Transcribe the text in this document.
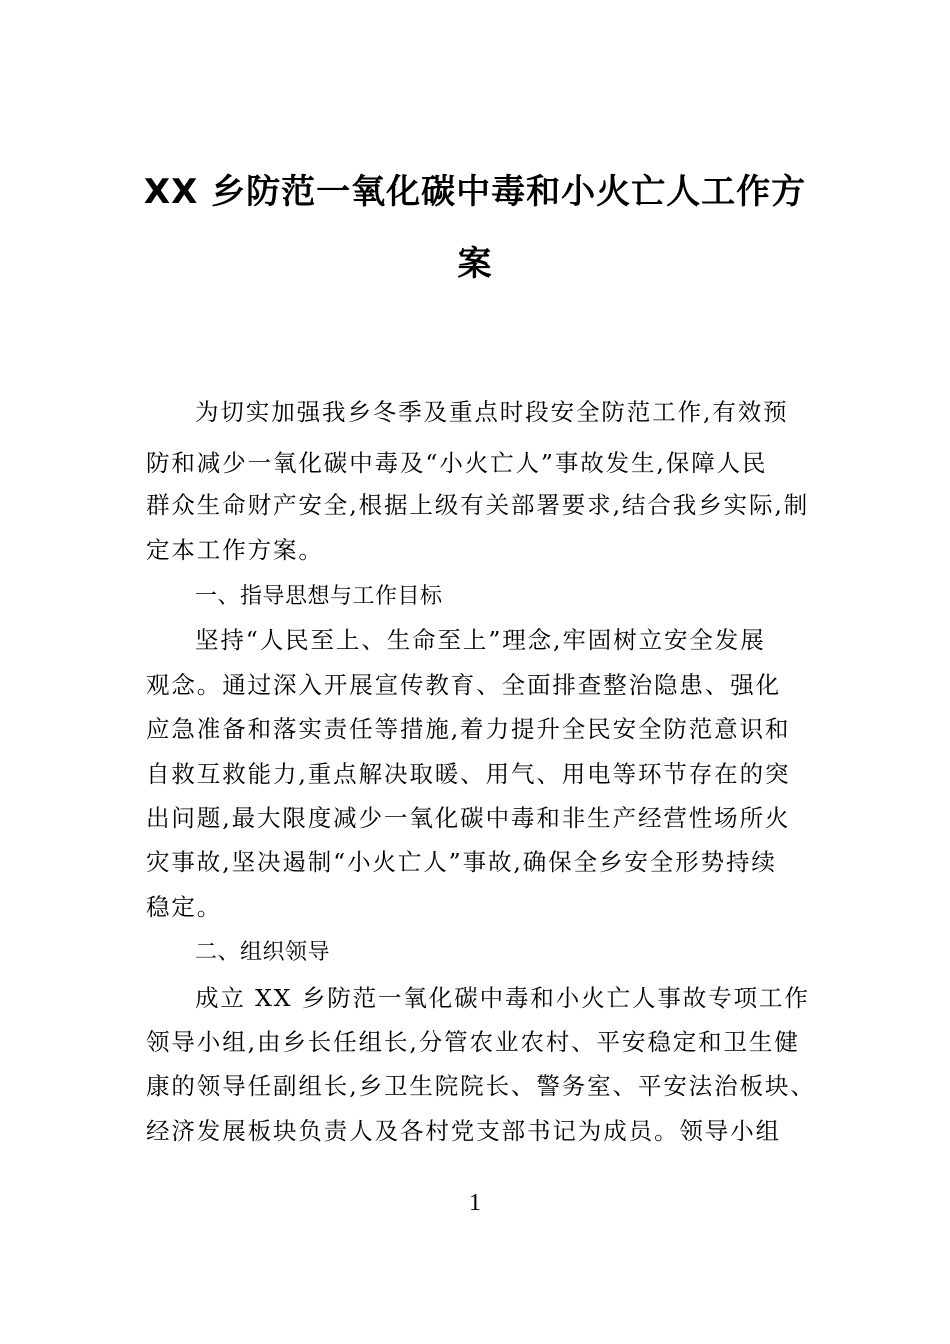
XX 乡防范一氧化碳中毒和小火亡人工作方
案
为切实加强我乡冬季及重点时段安全防范工作,有效预
防和减少一氧化碳中毒及“小火亡人”事故发生,保障人民
群众生命财产安全,根据上级有关部署要求,结合我乡实际,制
定本工作方案。
一、指导思想与工作目标
坚持“人民至上、生命至上”理念,牢固树立安全发展
观念。通过深入开展宣传教育、全面排查整治隐患、强化
应急准备和落实责任等措施,着力提升全民安全防范意识和
自救互救能力,重点解决取暖、用气、用电等环节存在的突
出问题,最大限度减少一氧化碳中毒和非生产经营性场所火
灾事故,坚决遏制“小火亡人”事故,确保全乡安全形势持续
稳定。
二、组织领导
成立 XX 乡防范一氧化碳中毒和小火亡人事故专项工作
领导小组,由乡长任组长,分管农业农村、平安稳定和卫生健
康的领导任副组长,乡卫生院院长、警务室、平安法治板块、
经济发展板块负责人及各村党支部书记为成员。领导小组
1
